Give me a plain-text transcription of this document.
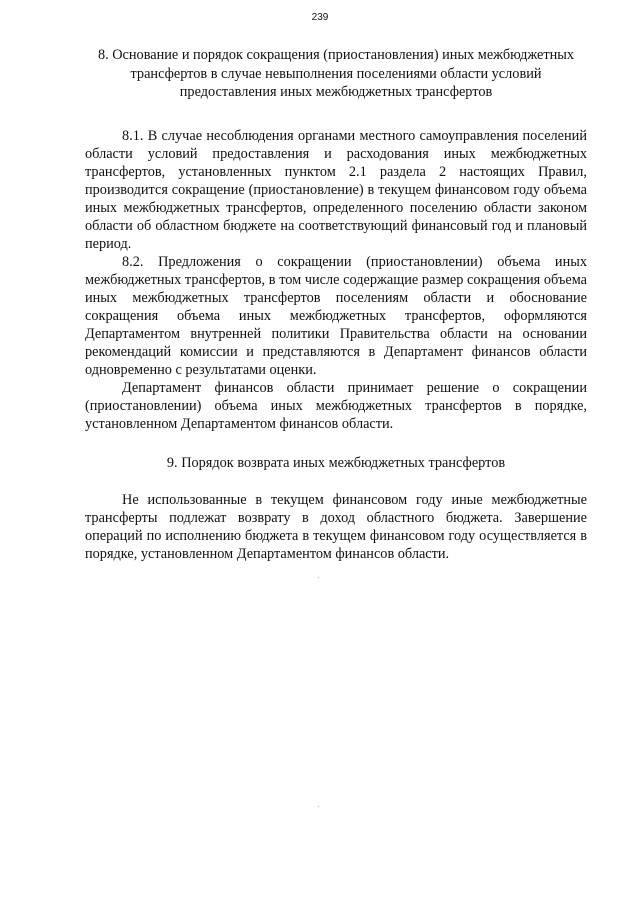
239

8. Основание и порядок сокращения (приостановления) иных межбюджетных трансфертов в случае невыполнения поселениями области условий предоставления иных межбюджетных трансфертов

8.1. В случае несоблюдения органами местного самоуправления поселений области условий предоставления и расходования иных межбюджетных трансфертов, установленных пунктом 2.1 раздела 2 настоящих Правил, производится сокращение (приостановление) в текущем финансовом году объема иных межбюджетных трансфертов, определенного поселению области законом области об областном бюджете на соответствующий финансовый год и плановый период.

8.2. Предложения о сокращении (приостановлении) объема иных межбюджетных трансфертов, в том числе содержащие размер сокращения объема иных межбюджетных трансфертов поселениям области и обоснование сокращения объема иных межбюджетных трансфертов, оформляются Департаментом внутренней политики Правительства области на основании рекомендаций комиссии и представляются в Департамент финансов области одновременно с результатами оценки.

Департамент финансов области принимает решение о сокращении (приостановлении) объема иных межбюджетных трансфертов в порядке, установленном Департаментом финансов области.

9. Порядок возврата иных межбюджетных трансфертов

Не использованные в текущем финансовом году иные межбюджетные трансферты подлежат возврату в доход областного бюджета. Завершение операций по исполнению бюджета в текущем финансовом году осуществляется в порядке, установленном Департаментом финансов области.
